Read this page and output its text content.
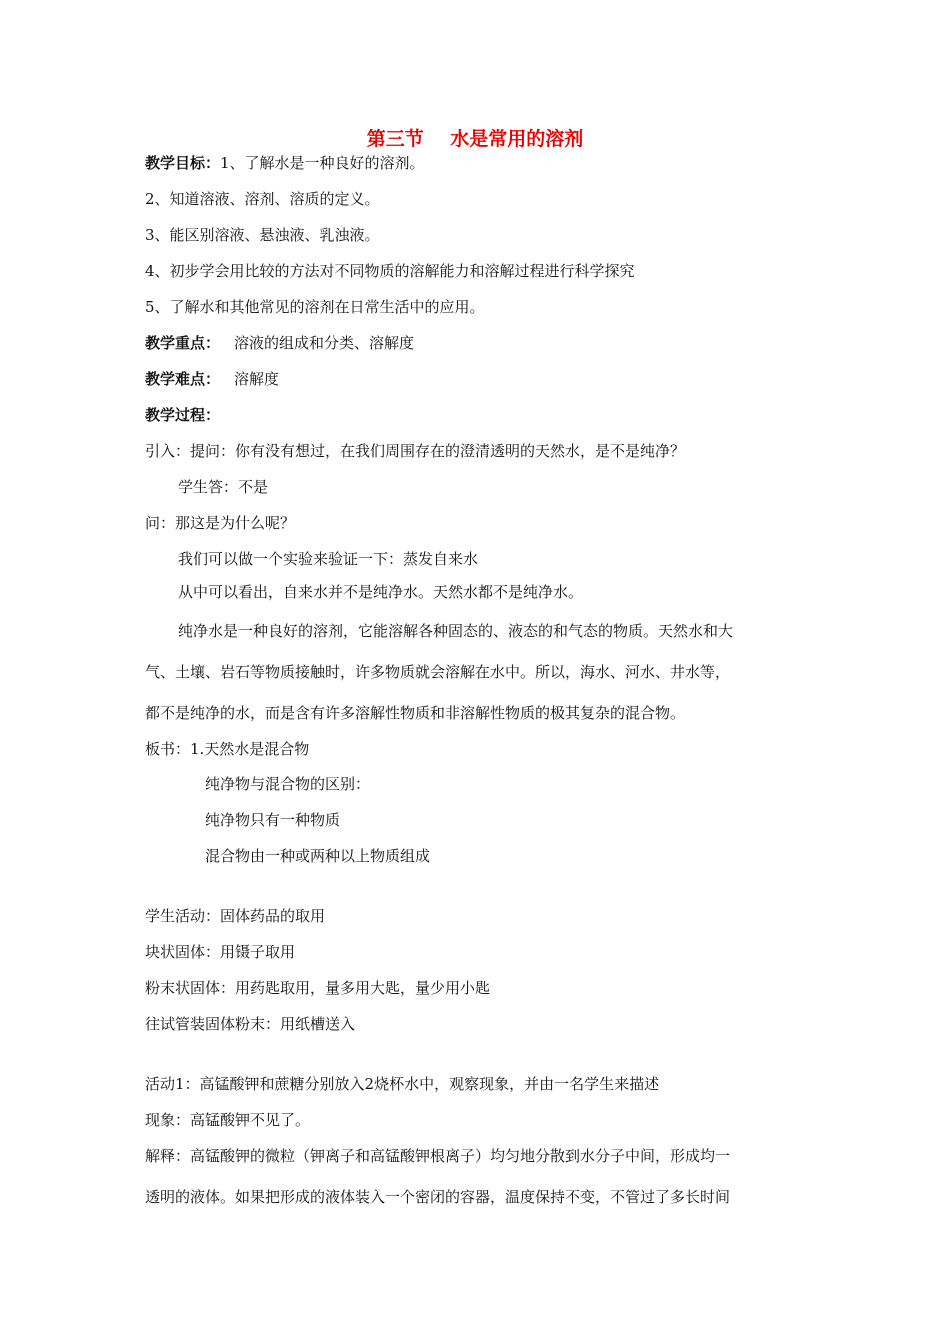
第三节    水是常用的溶剂
教学目标：1、了解水是一种良好的溶剂。
2、知道溶液、溶剂、溶质的定义。
3、能区别溶液、悬浊液、乳浊液。
4、初步学会用比较的方法对不同物质的溶解能力和溶解过程进行科学探究
5、了解水和其他常见的溶剂在日常生活中的应用。
教学重点： 溶液的组成和分类、溶解度
教学难点： 溶解度
教学过程：
引入：提问：你有没有想过，在我们周围存在的澄清透明的天然水，是不是纯净？
学生答：不是
问：那这是为什么呢？
我们可以做一个实验来验证一下：蒸发自来水
从中可以看出，自来水并不是纯净水。天然水都不是纯净水。
纯净水是一种良好的溶剂，它能溶解各种固态的、液态的和气态的物质。天然水和大
气、土壤、岩石等物质接触时，许多物质就会溶解在水中。所以，海水、河水、井水等，
都不是纯净的水，而是含有许多溶解性物质和非溶解性物质的极其复杂的混合物。
板书：1.天然水是混合物
纯净物与混合物的区别：
纯净物只有一种物质
混合物由一种或两种以上物质组成
学生活动：固体药品的取用
块状固体：用镊子取用
粉末状固体：用药匙取用，量多用大匙，量少用小匙
往试管装固体粉末：用纸槽送入
活动1：高锰酸钾和蔗糖分别放入2烧杯水中，观察现象，并由一名学生来描述
现象：高锰酸钾不见了。
解释：高锰酸钾的微粒（钾离子和高锰酸钾根离子）均匀地分散到水分子中间，形成均一
透明的液体。如果把形成的液体装入一个密闭的容器，温度保持不变，不管过了多长时间
